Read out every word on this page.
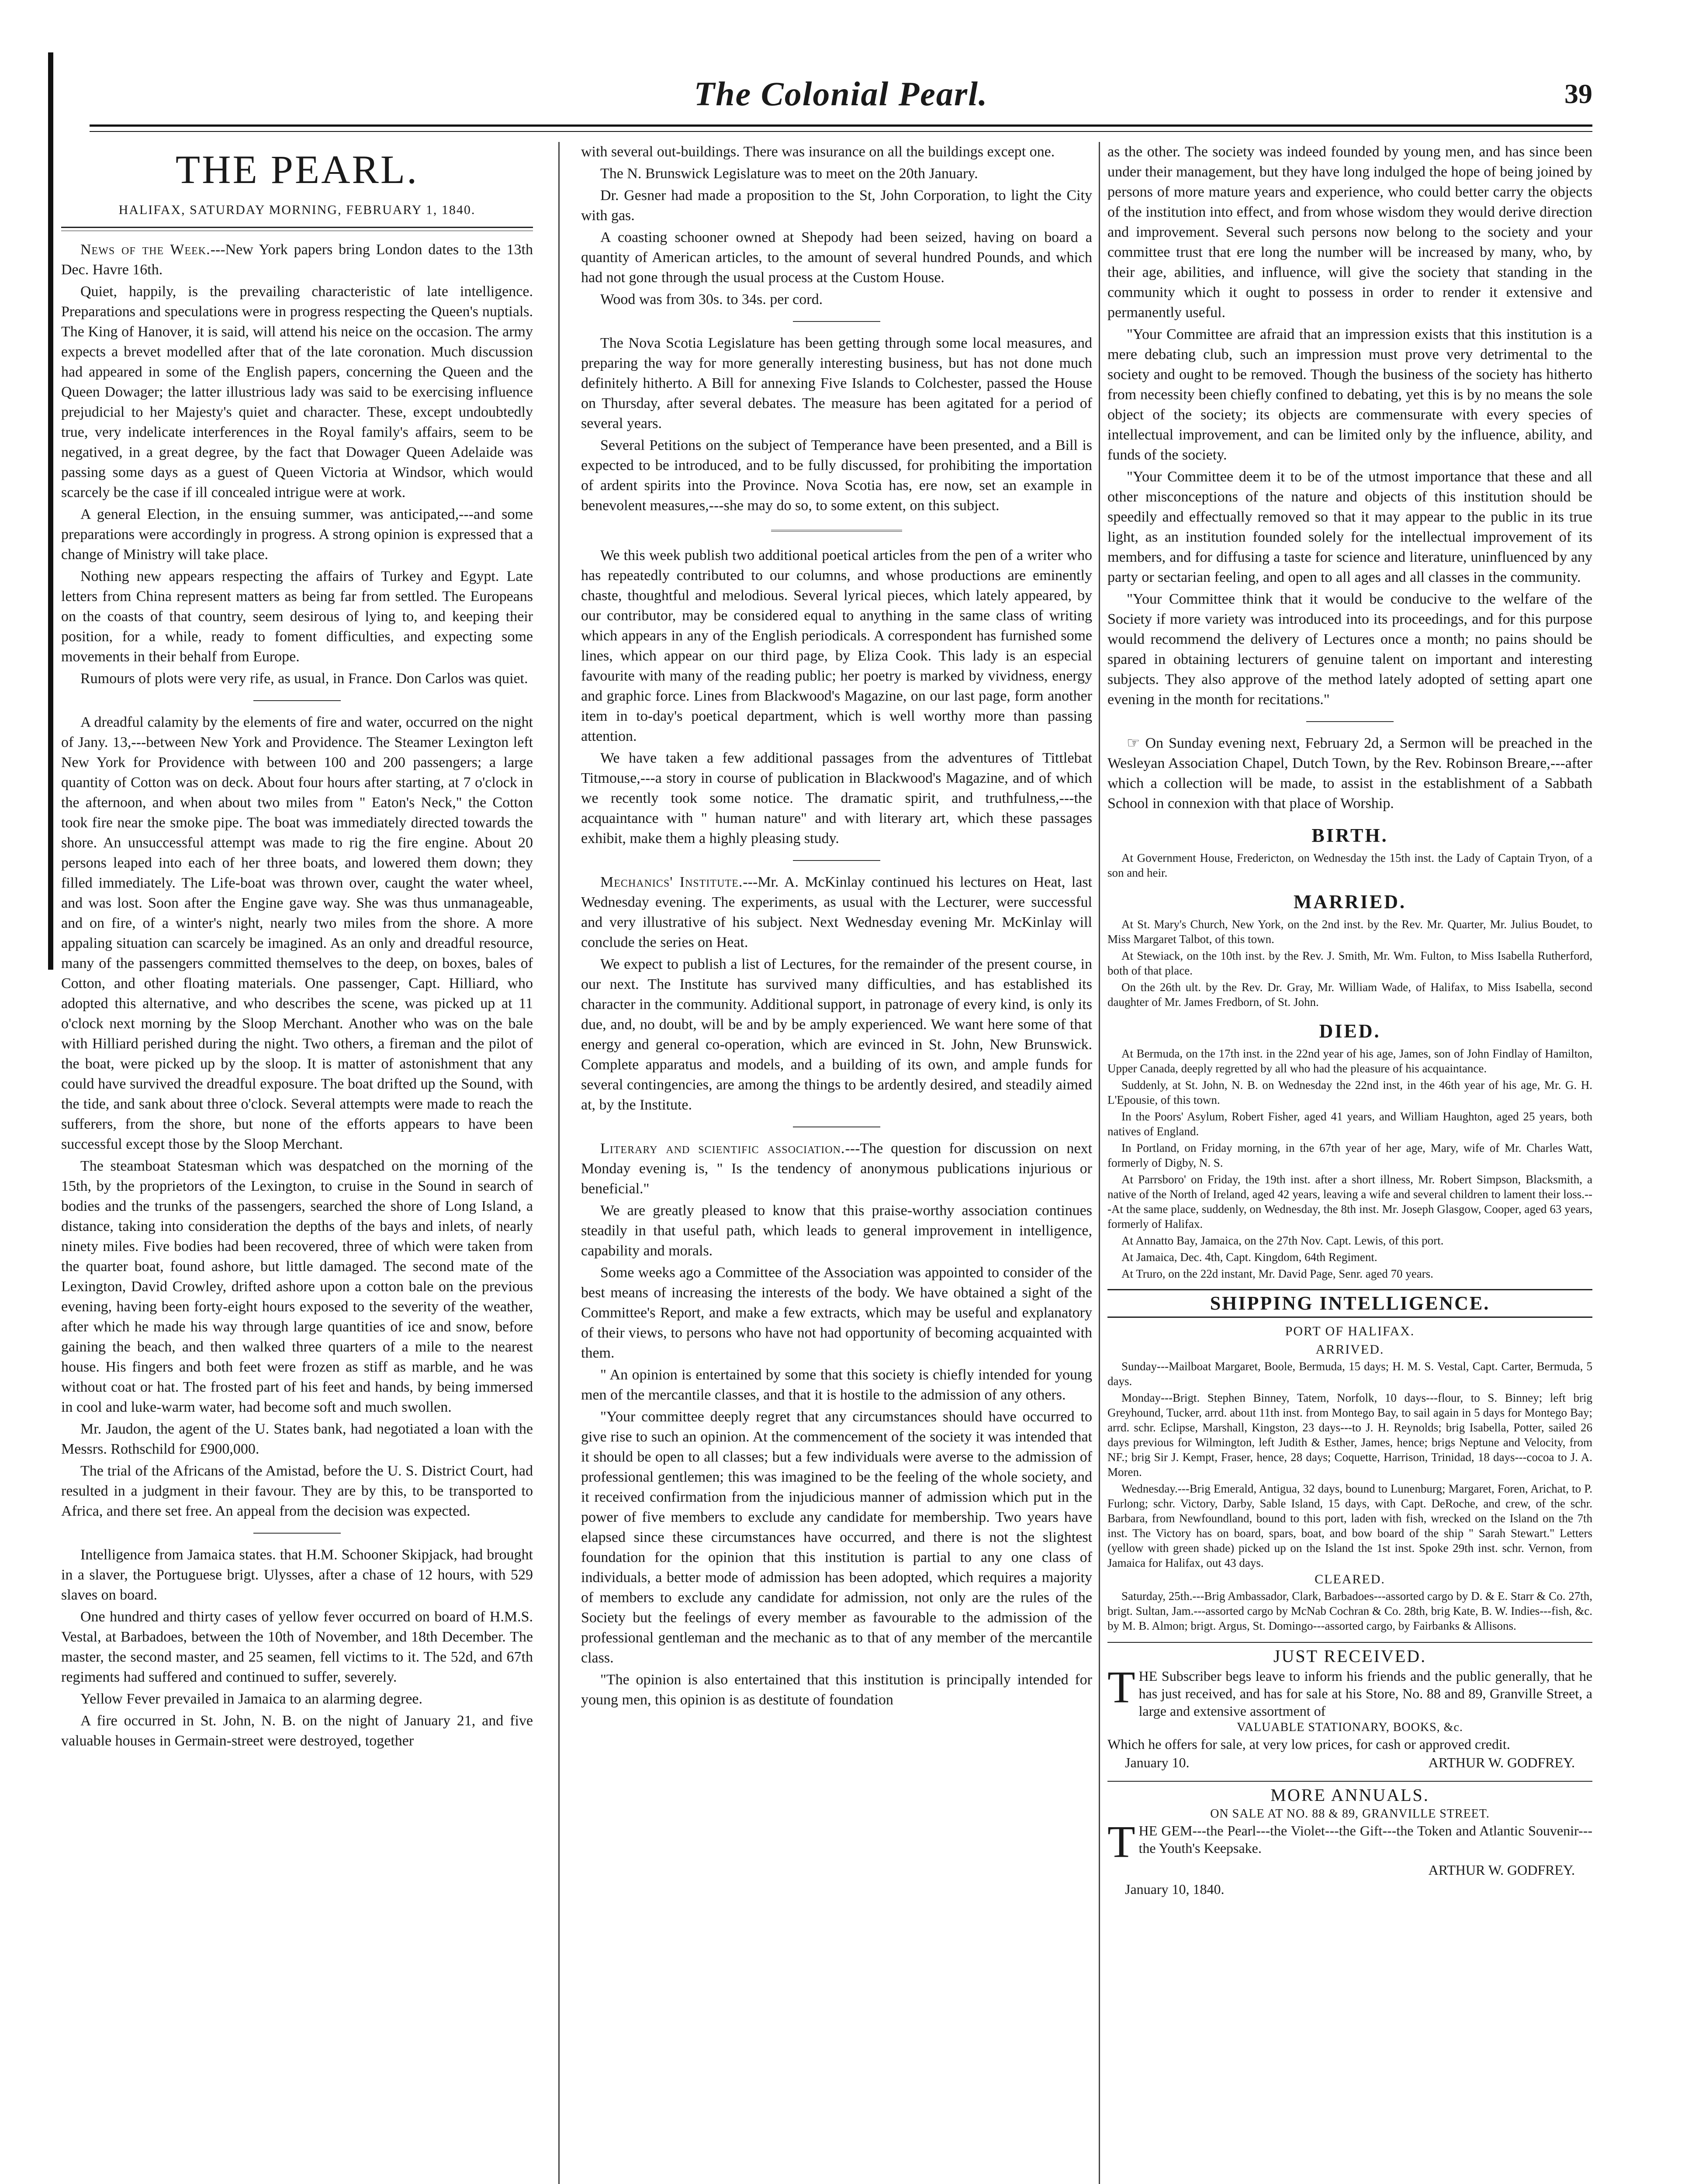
The Colonial Pearl.	39
THE PEARL.
HALIFAX, SATURDAY MORNING, FEBRUARY 1, 1840.

News of the Week.---New York papers bring London dates to the 13th Dec. Havre 16th.

Quiet, happily, is the prevailing characteristic of late intelligence. Preparations and speculations were in progress respecting the Queen's nuptials. The King of Hanover, it is said, will attend his neice on the occasion. The army expects a brevet modelled after that of the late coronation. Much discussion had appeared in some of the English papers, concerning the Queen and the Queen Dowager; the latter illustrious lady was said to be exercising influence prejudicial to her Majesty's quiet and character. These, except undoubtedly true, very indelicate interferences in the Royal family's affairs, seem to be negatived, in a great degree, by the fact that Dowager Queen Adelaide was passing some days as a guest of Queen Victoria at Windsor, which would scarcely be the case if ill concealed intrigue were at work.

A general Election, in the ensuing summer, was anticipated,---and some preparations were accordingly in progress. A strong opinion is expressed that a change of Ministry will take place.

Nothing new appears respecting the affairs of Turkey and Egypt. Late letters from China represent matters as being far from settled. The Europeans on the coasts of that country, seem desirous of lying to, and keeping their position, for a while, ready to foment difficulties, and expecting some movements in their behalf from Europe.

Rumours of plots were very rife, as usual, in France. Don Carlos was quiet.

A dreadful calamity by the elements of fire and water, occurred on the night of Jany. 13,---between New York and Providence. The Steamer Lexington left New York for Providence with between 100 and 200 passengers; a large quantity of Cotton was on deck. About four hours after starting, at 7 o'clock in the afternoon, and when about two miles from " Eaton's Neck," the Cotton took fire near the smoke pipe. The boat was immediately directed towards the shore. An unsuccessful attempt was made to rig the fire engine. About 20 persons leaped into each of her three boats, and lowered them down; they filled immediately. The Life-boat was thrown over, caught the water wheel, and was lost. Soon after the Engine gave way. She was thus unmanageable, and on fire, of a winter's night, nearly two miles from the shore. A more appaling situation can scarcely be imagined. As an only and dreadful resource, many of the passengers committed themselves to the deep, on boxes, bales of Cotton, and other floating materials. One passenger, Capt. Hilliard, who adopted this alternative, and who describes the scene, was picked up at 11 o'clock next morning by the Sloop Merchant. Another who was on the bale with Hilliard perished during the night. Two others, a fireman and the pilot of the boat, were picked up by the sloop. It is matter of astonishment that any could have survived the dreadful exposure. The boat drifted up the Sound, with the tide, and sank about three o'clock. Several attempts were made to reach the sufferers, from the shore, but none of the efforts appears to have been successful except those by the Sloop Merchant.

The steamboat Statesman which was despatched on the morning of the 15th, by the proprietors of the Lexington, to cruise in the Sound in search of bodies and the trunks of the passengers, searched the shore of Long Island, a distance, taking into consideration the depths of the bays and inlets, of nearly ninety miles. Five bodies had been recovered, three of which were taken from the quarter boat, found ashore, but little damaged. The second mate of the Lexington, David Crowley, drifted ashore upon a cotton bale on the previous evening, having been forty-eight hours exposed to the severity of the weather, after which he made his way through large quantities of ice and snow, before gaining the beach, and then walked three quarters of a mile to the nearest house. His fingers and both feet were frozen as stiff as marble, and he was without coat or hat. The frosted part of his feet and hands, by being immersed in cool and luke-warm water, had become soft and much swollen.

Mr. Jaudon, the agent of the U. States bank, had negotiated a loan with the Messrs. Rothschild for £900,000.

The trial of the Africans of the Amistad, before the U. S. District Court, had resulted in a judgment in their favour. They are by this, to be transported to Africa, and there set free. An appeal from the decision was expected.

Intelligence from Jamaica states. that H.M. Schooner Skipjack, had brought in a slaver, the Portuguese brigt. Ulysses, after a chase of 12 hours, with 529 slaves on board.

One hundred and thirty cases of yellow fever occurred on board of H.M.S. Vestal, at Barbadoes, between the 10th of November, and 18th December. The master, the second master, and 25 seamen, fell victims to it. The 52d, and 67th regiments had suffered and continued to suffer, severely.

Yellow Fever prevailed in Jamaica to an alarming degree.

A fire occurred in St. John, N. B. on the night of January 21, and five valuable houses in Germain-street were destroyed, together

with several out-buildings. There was insurance on all the buildings except one.

The N. Brunswick Legislature was to meet on the 20th January.

Dr. Gesner had made a proposition to the St, John Corporation, to light the City with gas.

A coasting schooner owned at Shepody had been seized, having on board a quantity of American articles, to the amount of several hundred Pounds, and which had not gone through the usual process at the Custom House.

Wood was from 30s. to 34s. per cord.

The Nova Scotia Legislature has been getting through some local measures, and preparing the way for more generally interesting business, but has not done much definitely hitherto. A Bill for annexing Five Islands to Colchester, passed the House on Thursday, after several debates. The measure has been agitated for a period of several years.

Several Petitions on the subject of Temperance have been presented, and a Bill is expected to be introduced, and to be fully discussed, for prohibiting the importation of ardent spirits into the Province. Nova Scotia has, ere now, set an example in benevolent measures,---she may do so, to some extent, on this subject.

We this week publish two additional poetical articles from the pen of a writer who has repeatedly contributed to our columns, and whose productions are eminently chaste, thoughtful and melodious. Several lyrical pieces, which lately appeared, by our contributor, may be considered equal to anything in the same class of writing which appears in any of the English periodicals. A correspondent has furnished some lines, which appear on our third page, by Eliza Cook. This lady is an especial favourite with many of the reading public; her poetry is marked by vividness, energy and graphic force. Lines from Blackwood's Magazine, on our last page, form another item in to-day's poetical department, which is well worthy more than passing attention.

We have taken a few additional passages from the adventures of Tittlebat Titmouse,---a story in course of publication in Blackwood's Magazine, and of which we recently took some notice. The dramatic spirit, and truthfulness,---the acquaintance with " human nature" and with literary art, which these passages exhibit, make them a highly pleasing study.

Mechanics' Institute.---Mr. A. McKinlay continued his lectures on Heat, last Wednesday evening. The experiments, as usual with the Lecturer, were successful and very illustrative of his subject. Next Wednesday evening Mr. McKinlay will conclude the series on Heat.

We expect to publish a list of Lectures, for the remainder of the present course, in our next. The Institute has survived many difficulties, and has established its character in the community. Additional support, in patronage of every kind, is only its due, and, no doubt, will be and by be amply experienced. We want here some of that energy and general co-operation, which are evinced in St. John, New Brunswick. Complete apparatus and models, and a building of its own, and ample funds for several contingencies, are among the things to be ardently desired, and steadily aimed at, by the Institute.

Literary and scientific association.---The question for discussion on next Monday evening is, " Is the tendency of anonymous publications injurious or beneficial."

We are greatly pleased to know that this praise-worthy association continues steadily in that useful path, which leads to general improvement in intelligence, capability and morals.

Some weeks ago a Committee of the Association was appointed to consider of the best means of increasing the interests of the body. We have obtained a sight of the Committee's Report, and make a few extracts, which may be useful and explanatory of their views, to persons who have not had opportunity of becoming acquainted with them.

" An opinion is entertained by some that this society is chiefly intended for young men of the mercantile classes, and that it is hostile to the admission of any others.

"Your committee deeply regret that any circumstances should have occurred to give rise to such an opinion. At the commencement of the society it was intended that it should be open to all classes; but a few individuals were averse to the admission of professional gentlemen; this was imagined to be the feeling of the whole society, and it received confirmation from the injudicious manner of admission which put in the power of five members to exclude any candidate for membership. Two years have elapsed since these circumstances have occurred, and there is not the slightest foundation for the opinion that this institution is partial to any one class of individuals, a better mode of admission has been adopted, which requires a majority of members to exclude any candidate for admission, not only are the rules of the Society but the feelings of every member as favourable to the admission of the professional gentleman and the mechanic as to that of any member of the mercantile class.

"The opinion is also entertained that this institution is principally intended for young men, this opinion is as destitute of foundation

as the other. The society was indeed founded by young men, and has since been under their management, but they have long indulged the hope of being joined by persons of more mature years and experience, who could better carry the objects of the institution into effect, and from whose wisdom they would derive direction and improvement. Several such persons now belong to the society and your committee trust that ere long the number will be increased by many, who, by their age, abilities, and influence, will give the society that standing in the community which it ought to possess in order to render it extensive and permanently useful.

"Your Committee are afraid that an impression exists that this institution is a mere debating club, such an impression must prove very detrimental to the society and ought to be removed. Though the business of the society has hitherto from necessity been chiefly confined to debating, yet this is by no means the sole object of the society; its objects are commensurate with every species of intellectual improvement, and can be limited only by the influence, ability, and funds of the society.

"Your Committee deem it to be of the utmost importance that these and all other misconceptions of the nature and objects of this institution should be speedily and effectually removed so that it may appear to the public in its true light, as an institution founded solely for the intellectual improvement of its members, and for diffusing a taste for science and literature, uninfluenced by any party or sectarian feeling, and open to all ages and all classes in the community.

"Your Committee think that it would be conducive to the welfare of the Society if more variety was introduced into its proceedings, and for this purpose would recommend the delivery of Lectures once a month; no pains should be spared in obtaining lecturers of genuine talent on important and interesting subjects. They also approve of the method lately adopted of setting apart one evening in the month for recitations."

☞ On Sunday evening next, February 2d, a Sermon will be preached in the Wesleyan Association Chapel, Dutch Town, by the Rev. Robinson Breare,---after which a collection will be made, to assist in the establishment of a Sabbath School in connexion with that place of Worship.

BIRTH.

At Government House, Fredericton, on Wednesday the 15th inst. the Lady of Captain Tryon, of a son and heir.

MARRIED.

At St. Mary's Church, New York, on the 2nd inst. by the Rev. Mr. Quarter, Mr. Julius Boudet, to Miss Margaret Talbot, of this town.

At Stewiack, on the 10th inst. by the Rev. J. Smith, Mr. Wm. Fulton, to Miss Isabella Rutherford, both of that place.

On the 26th ult. by the Rev. Dr. Gray, Mr. William Wade, of Halifax, to Miss Isabella, second daughter of Mr. James Fredborn, of St. John.

DIED.

At Bermuda, on the 17th inst. in the 22nd year of his age, James, son of John Findlay of Hamilton, Upper Canada, deeply regretted by all who had the pleasure of his acquaintance.

Suddenly, at St. John, N. B. on Wednesday the 22nd inst, in the 46th year of his age, Mr. G. H. L'Epousie, of this town.

In the Poors' Asylum, Robert Fisher, aged 41 years, and William Haughton, aged 25 years, both natives of England.

In Portland, on Friday morning, in the 67th year of her age, Mary, wife of Mr. Charles Watt, formerly of Digby, N. S.

At Parrsboro' on Friday, the 19th inst. after a short illness, Mr. Robert Simpson, Blacksmith, a native of the North of Ireland, aged 42 years, leaving a wife and several children to lament their loss.---At the same place, suddenly, on Wednesday, the 8th inst. Mr. Joseph Glasgow, Cooper, aged 63 years, formerly of Halifax.

At Annatto Bay, Jamaica, on the 27th Nov. Capt. Lewis, of this port.

At Jamaica, Dec. 4th, Capt. Kingdom, 64th Regiment.

At Truro, on the 22d instant, Mr. David Page, Senr. aged 70 years.

SHIPPING INTELLIGENCE.
PORT OF HALIFAX.
ARRIVED.

Sunday---Mailboat Margaret, Boole, Bermuda, 15 days; H. M. S. Vestal, Capt. Carter, Bermuda, 5 days.

Monday---Brigt. Stephen Binney, Tatem, Norfolk, 10 days---flour, to S. Binney; left brig Greyhound, Tucker, arrd. about 11th inst. from Montego Bay, to sail again in 5 days for Montego Bay; arrd. schr. Eclipse, Marshall, Kingston, 23 days---to J. H. Reynolds; brig Isabella, Potter, sailed 26 days previous for Wilmington, left Judith & Esther, James, hence; brigs Neptune and Velocity, from NF.; brig Sir J. Kempt, Fraser, hence, 28 days; Coquette, Harrison, Trinidad, 18 days---cocoa to J. A. Moren.

Wednesday.---Brig Emerald, Antigua, 32 days, bound to Lunenburg; Margaret, Foren, Arichat, to P. Furlong; schr. Victory, Darby, Sable Island, 15 days, with Capt. DeRoche, and crew, of the schr. Barbara, from Newfoundland, bound to this port, laden with fish, wrecked on the Island on the 7th inst. The Victory has on board, spars, boat, and bow board of the ship " Sarah Stewart." Letters (yellow with green shade) picked up on the Island the 1st inst. Spoke 29th inst. schr. Vernon, from Jamaica for Halifax, out 43 days.

CLEARED.

Saturday, 25th.---Brig Ambassador, Clark, Barbadoes---assorted cargo by D. & E. Starr & Co. 27th, brigt. Sultan, Jam.---assorted cargo by McNab Cochran & Co. 28th, brig Kate, B. W. Indies---fish, &c. by M. B. Almon; brigt. Argus, St. Domingo---assorted cargo, by Fairbanks & Allisons.

JUST RECEIVED.

THE Subscriber begs leave to inform his friends and the public generally, that he has just received, and has for sale at his Store, No. 88 and 89, Granville Street, a large and extensive assortment of

VALUABLE STATIONARY, BOOKS, &c.

Which he offers for sale, at very low prices, for cash or approved credit.

January 10.	ARTHUR W. GODFREY.
MORE ANNUALS.
ON SALE AT NO. 88 & 89, GRANVILLE STREET.

THE GEM---the Pearl---the Violet---the Gift---the Token and Atlantic Souvenir---the Youth's Keepsake.

ARTHUR W. GODFREY.
January 10, 1840.
